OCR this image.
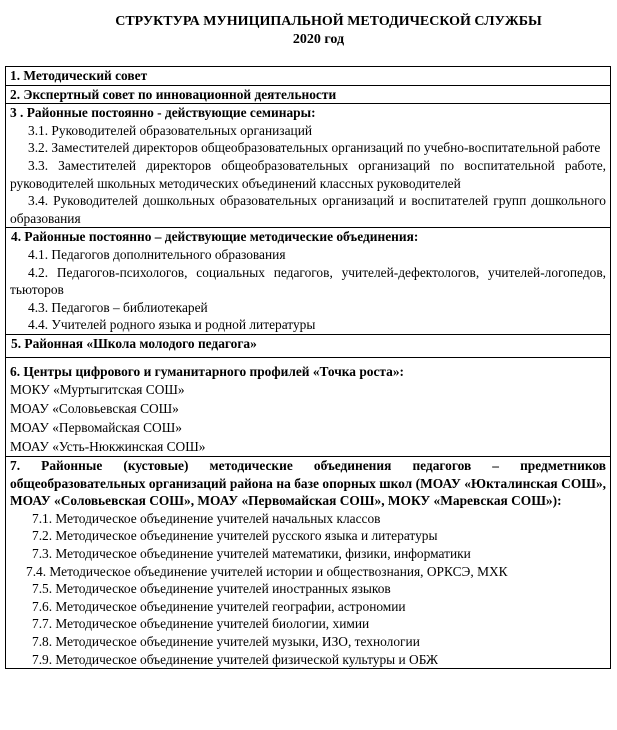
СТРУКТУРА МУНИЦИПАЛЬНОЙ МЕТОДИЧЕСКОЙ СЛУЖБЫ

2020 год

1. Методический совет

2. Экспертный совет по инновационной деятельности

3 . Районные постоянно - действующие семинары:
3.1. Руководителей образовательных организаций
3.2. Заместителей директоров общеобразовательных организаций по учебно-воспитательной работе
3.3. Заместителей директоров общеобразовательных организаций по воспитательной работе, руководителей школьных методических объединений классных руководителей
3.4. Руководителей дошкольных образовательных организаций и воспитателей групп дошкольного образования

4. Районные постоянно – действующие методические объединения:
4.1. Педагогов дополнительного образования
4.2. Педагогов-психологов, социальных педагогов, учителей-дефектологов, учителей-логопедов, тьюторов
4.3. Педагогов – библиотекарей
4.4. Учителей родного языка и родной литературы

5. Районная «Школа молодого педагога»

6. Центры цифрового и гуманитарного профилей «Точка роста»:
МОКУ «Муртыгитская СОШ»
МОАУ «Соловьевская СОШ»
МОАУ «Первомайская СОШ»
МОАУ «Усть-Нюкжинская СОШ»

7. Районные (кустовые) методические объединения педагогов – предметников общеобразовательных организаций района на базе опорных школ (МОАУ «Юкталинская СОШ», МОАУ «Соловьевская СОШ», МОАУ «Первомайская СОШ», МОКУ «Маревская СОШ»):
7.1. Методическое объединение учителей начальных классов
7.2. Методическое объединение учителей русского языка и литературы
7.3. Методическое объединение учителей математики, физики, информатики
7.4. Методическое объединение учителей истории и обществознания, ОРКСЭ, МХК
7.5. Методическое объединение учителей иностранных языков
7.6. Методическое объединение учителей географии, астрономии
7.7. Методическое объединение учителей биологии, химии
7.8. Методическое объединение учителей музыки, ИЗО, технологии
7.9. Методическое объединение учителей физической культуры и ОБЖ
